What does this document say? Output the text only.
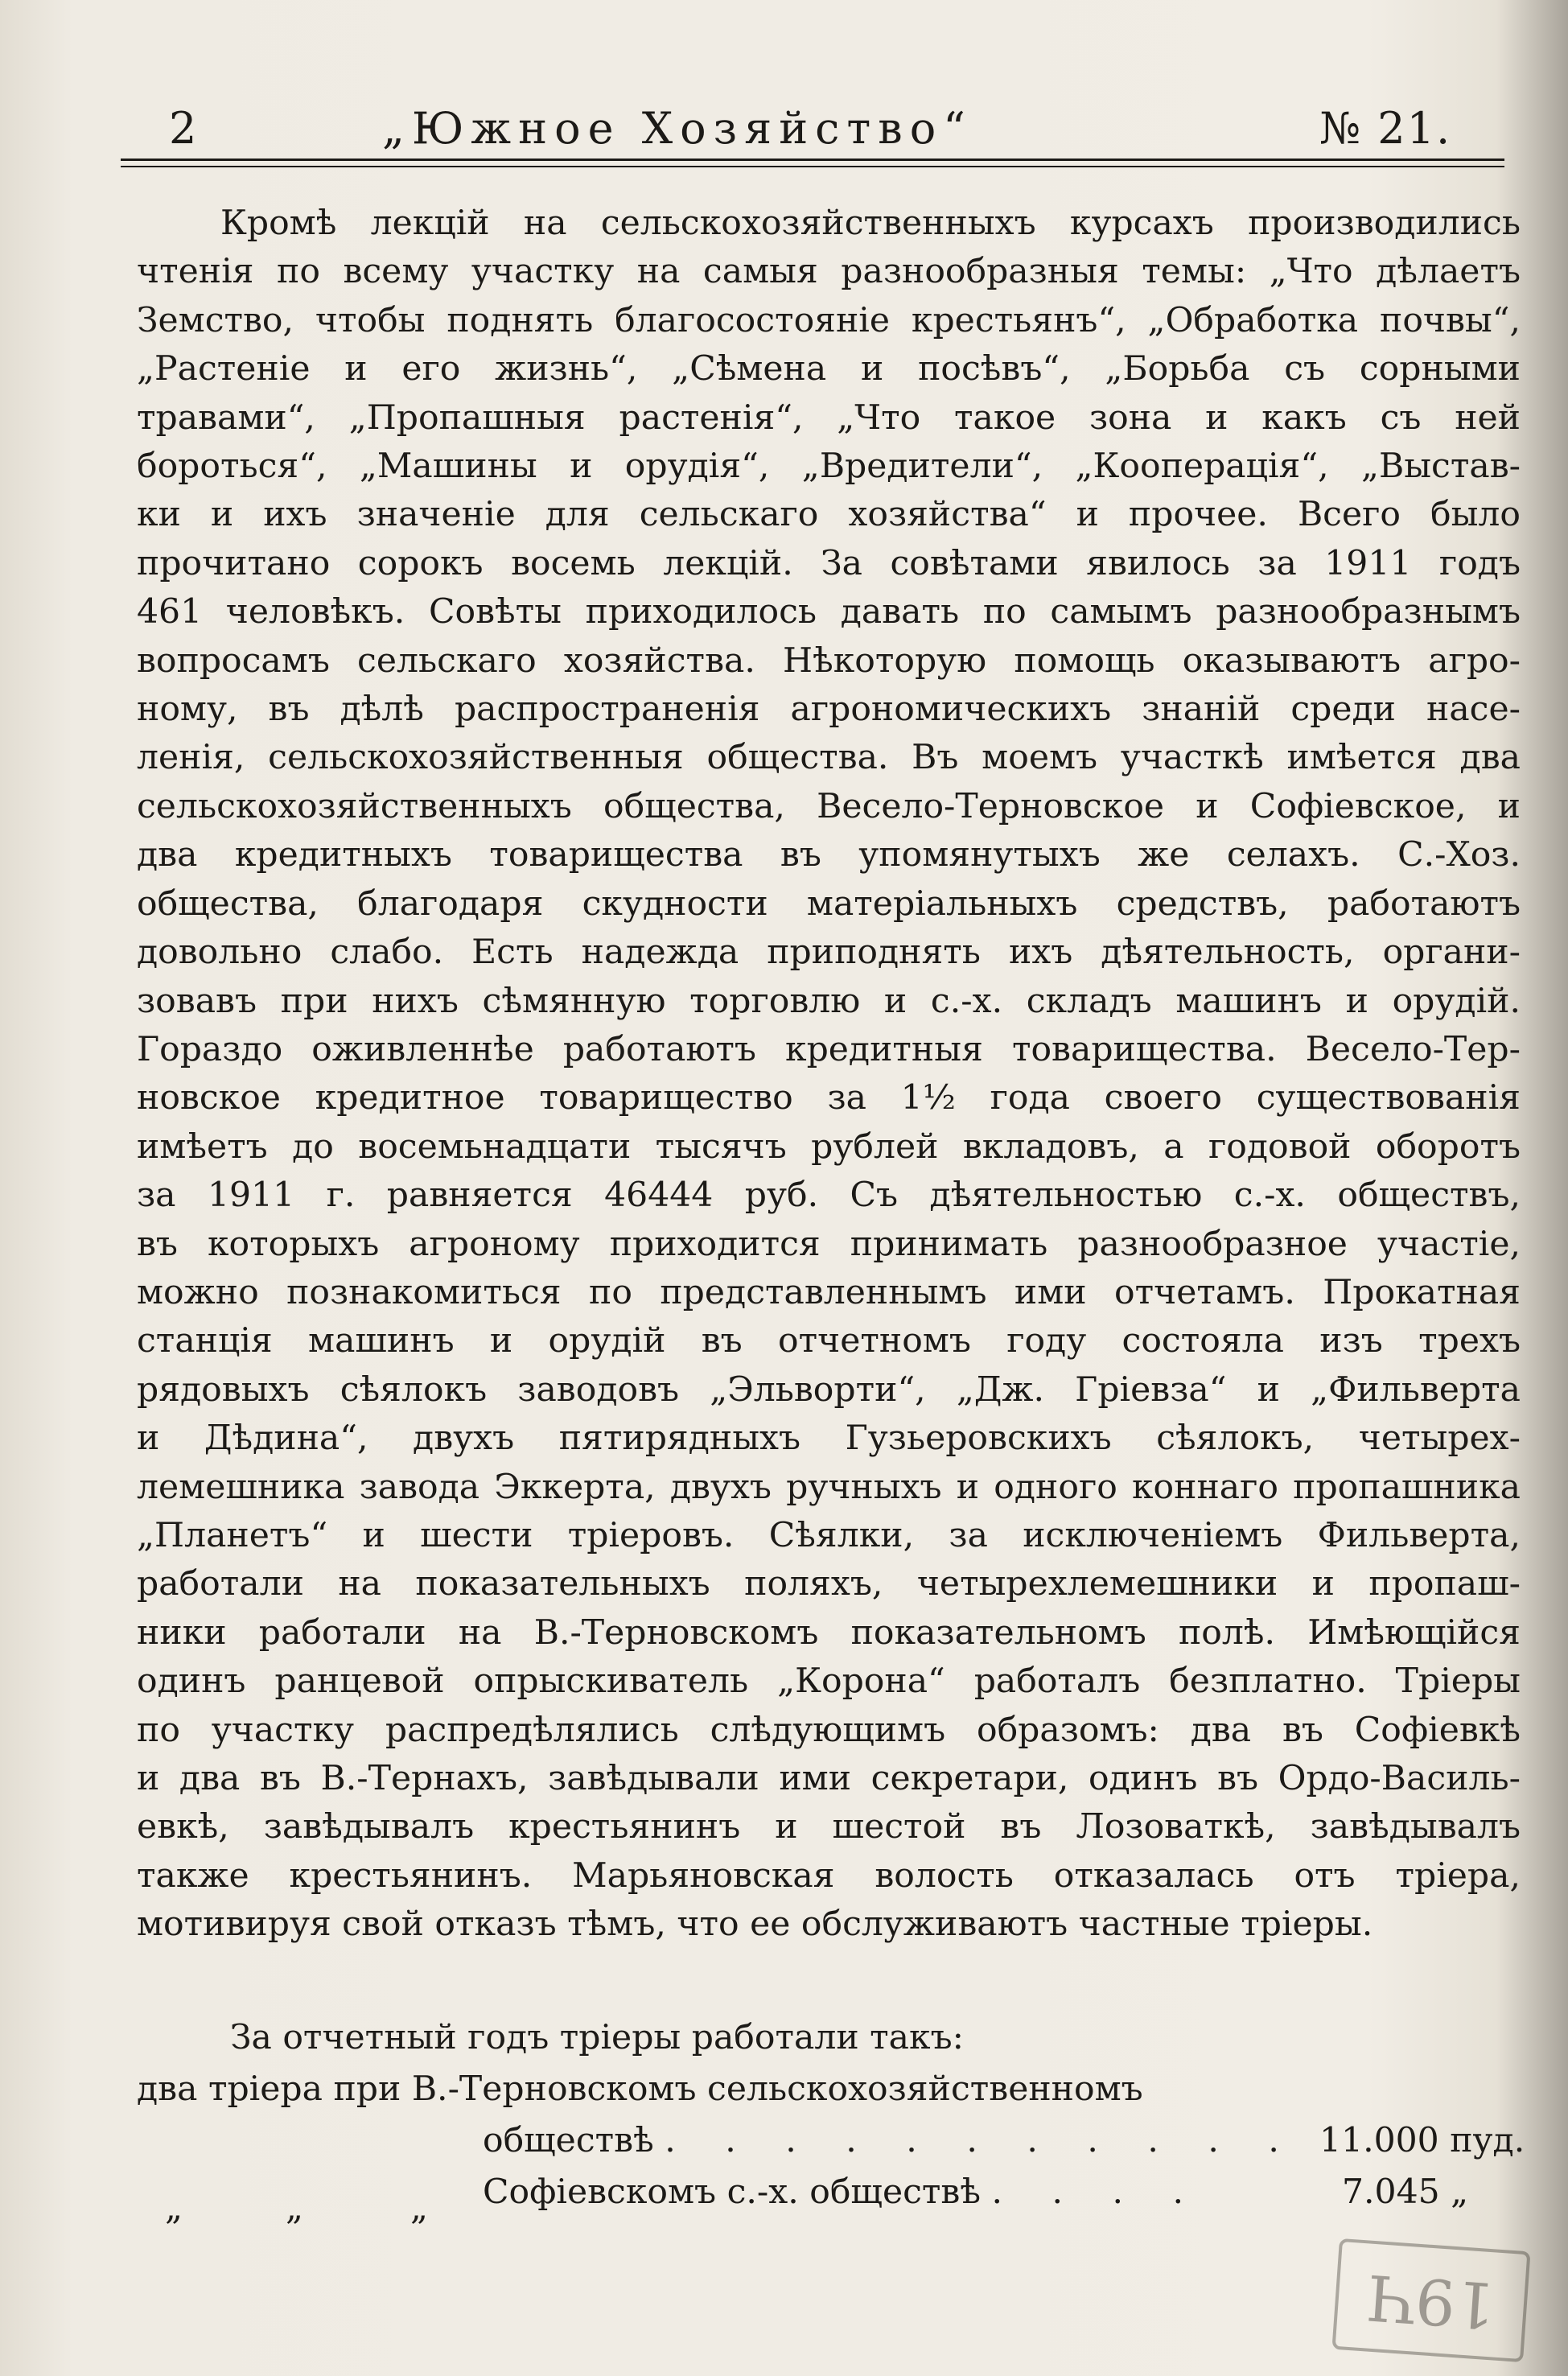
2	„Южное Хозяйство“	№ 21.
Кромѣ лекцій на сельскохозяйственныхъ курсахъ производились
чтенія по всему участку на самыя разнообразныя темы: „Что дѣлаетъ
Земство, чтобы поднять благосостояніе крестьянъ“, „Обработка почвы“,
„Растеніе и его жизнь“, „Сѣмена и посѣвъ“, „Борьба съ сорными
травами“, „Пропашныя растенія“, „Что такое зона и какъ съ ней
бороться“, „Машины и орудія“, „Вредители“, „Кооперація“, „Выстав-
ки и ихъ значеніе для сельскаго хозяйства“ и прочее. Всего было
прочитано сорокъ восемь лекцій. За совѣтами явилось за 1911 годъ
461 человѣкъ. Совѣты приходилось давать по самымъ разнообразнымъ
вопросамъ сельскаго хозяйства. Нѣкоторую помощь оказываютъ агро-
ному, въ дѣлѣ распространенія агрономическихъ знаній среди насе-
ленія, сельскохозяйственныя общества. Въ моемъ участкѣ имѣется два
сельскохозяйственныхъ общества, Весело-Терновское и Софіевское, и
два кредитныхъ товарищества въ упомянутыхъ же селахъ. С.-Хоз.
общества, благодаря скудности матеріальныхъ средствъ, работаютъ
довольно слабо. Есть надежда приподнять ихъ дѣятельность, органи-
зовавъ при нихъ сѣмянную торговлю и с.-х. складъ машинъ и орудій.
Гораздо оживленнѣе работаютъ кредитныя товарищества. Весело-Тер-
новское кредитное товарищество за 1½ года своего существованія
имѣетъ до восемьнадцати тысячъ рублей вкладовъ, а годовой оборотъ
за 1911 г. равняется 46444 руб. Съ дѣятельностью с.-х. обществъ,
въ которыхъ агроному приходится принимать разнообразное участіе,
можно познакомиться по представленнымъ ими отчетамъ. Прокатная
станція машинъ и орудій въ отчетномъ году состояла изъ трехъ
рядовыхъ сѣялокъ заводовъ „Эльворти“, „Дж. Гріевза“ и „Фильверта
и Дѣдина“, двухъ пятирядныхъ Гузьеровскихъ сѣялокъ, четырех-
лемешника завода Эккерта, двухъ ручныхъ и одного коннаго пропашника
„Планетъ“ и шести тріеровъ. Сѣялки, за исключеніемъ Фильверта,
работали на показательныхъ поляхъ, четырехлемешники и пропаш-
ники работали на В.-Терновскомъ показательномъ полѣ. Имѣющійся
одинъ ранцевой опрыскиватель „Корона“ работалъ безплатно. Тріеры
по участку распредѣлялись слѣдующимъ образомъ: два въ Софіевкѣ
и два въ В.-Тернахъ, завѣдывали ими секретари, одинъ въ Ордо-Василь-
евкѣ, завѣдывалъ крестьянинъ и шестой въ Лозоваткѣ, завѣдывалъ
также крестьянинъ. Марьяновская волость отказалась отъ тріера,
мотивируя свой отказъ тѣмъ, что ее обслуживаютъ частные тріеры.
За отчетный годъ тріеры работали такъ:
два тріера при В.-Терновскомъ сельскохозяйственномъ
обществѣ . . . . . . . . . . . 11.000 пуд.
Софіевскомъ с.-х. обществѣ . . . .	7.045 „
„	„	„
19Ч
